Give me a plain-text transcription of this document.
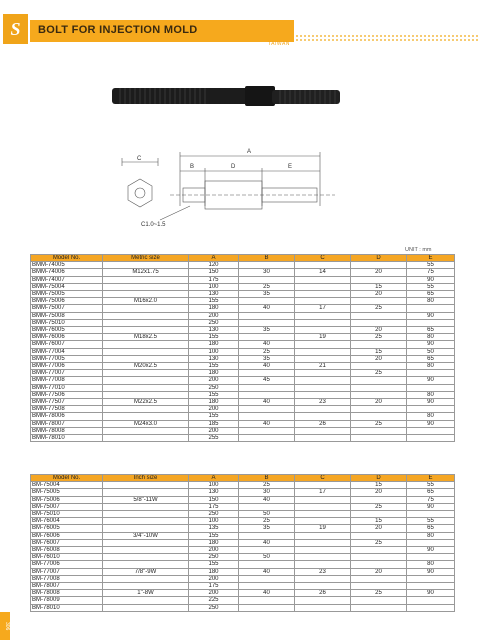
S	BOLT FOR INJECTION MOLD
TAIWAN
C
A
B	D	E
C1.0~1.5
UNIT : mm
Model No.	Metric size	A	B	C	D	E
BMM-74005		120				55
BMM-74006	M12x1.75	150	30	14	20	75
BMM-74007		175				90
BMM-75004		100	25		15	55
BMM-75005		130	35		20	65
BMM-75006	M16x2.0	155				80
BMM-75007		180	40	17	25	
BMM-75008		200				90
BMM-75010		250				
BMM-76005		130	35		20	65
BMM-76006	M18x2.5	155		19	25	80
BMM-76007		180	40			90
BMM-77004		100	25		15	50
BMM-77005		130	35		20	65
BMM-77006	M20x2.5	155	40	21		80
BMM-77007		180			25	
BMM-77008		200	45			90
BMM-77010		250				
BMM-77506		155				80
BMM-77507	M22x2.5	180	40	23	20	90
BMM-77508		200				
BMM-78006		155				80
BMM-78007	M24x3.0	185	40	26	25	90
BMM-78008		200				
BMM-78010		255				
Model No.	Inch size	A	B	C	D	E
BM-75004		100	25		15	55
BM-75005		130	30	17	20	65
BM-75006	5/8"-11W	150	40			75
BM-75007		175			25	90
BM-75010		250	50			
BM-76004		100	25		15	55
BM-76005		135	35	19	20	65
BM-76006	3/4"-10W	155				80
BM-76007		180	40		25	
BM-76008		200				90
BM-76010		250	50			
BM-77006		155				80
BM-77007	7/8"-9W	180	40	23	20	90
BM-77008		200				
BM-78007		175				
BM-78008	1"-8W	200	40	26	25	90
BM-78009		225				
BM-78010		250				
306
